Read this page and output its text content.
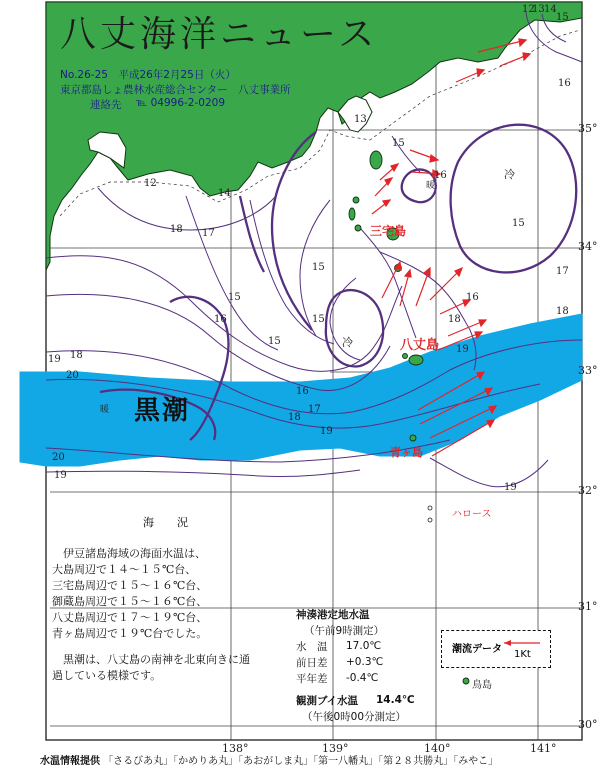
12
13
14
15
16
18 17
15
15
16
15
15
16
18
19
18
19
20
16
17
18
19
20
19
19
15
17
18
15
16
12
13 14
八丈海洋ニュース
No.26-25　平成26年2月25日（火）
東京都島しょ農林水産総合センター　八丈事業所
連絡先 ℡ 04996-2-0209
三宅島
八丈島
青ヶ島
鳥島
黒潮
暖
暖
冷
冷
ハロース
138°	139°	140°	141°
35°
34°
33°
32°
31°
30°
海　況

　伊豆諸島海域の海面水温は、

大島周辺で１４～１５℃台、

三宅島周辺で１５～１６℃台、

御蔵島周辺で１５～１６℃台、

八丈島周辺で１７～１９℃台、

青ヶ島周辺で１９℃台でした。

　黒潮は、八丈島の南神を北東向きに通

過している模様です。

神湊港定地水温
（午前9時測定）
水　温	17.0℃
前日差	+0.3℃
平年差	-0.4℃
観測ブイ水温	14.4℃
（午後0時00分測定）
潮流データ 1Kt
水温情報提供 「さるびあ丸」「かめりあ丸」「あおがしま丸」「第一八幡丸」「第２８共勝丸」「みやこ」
